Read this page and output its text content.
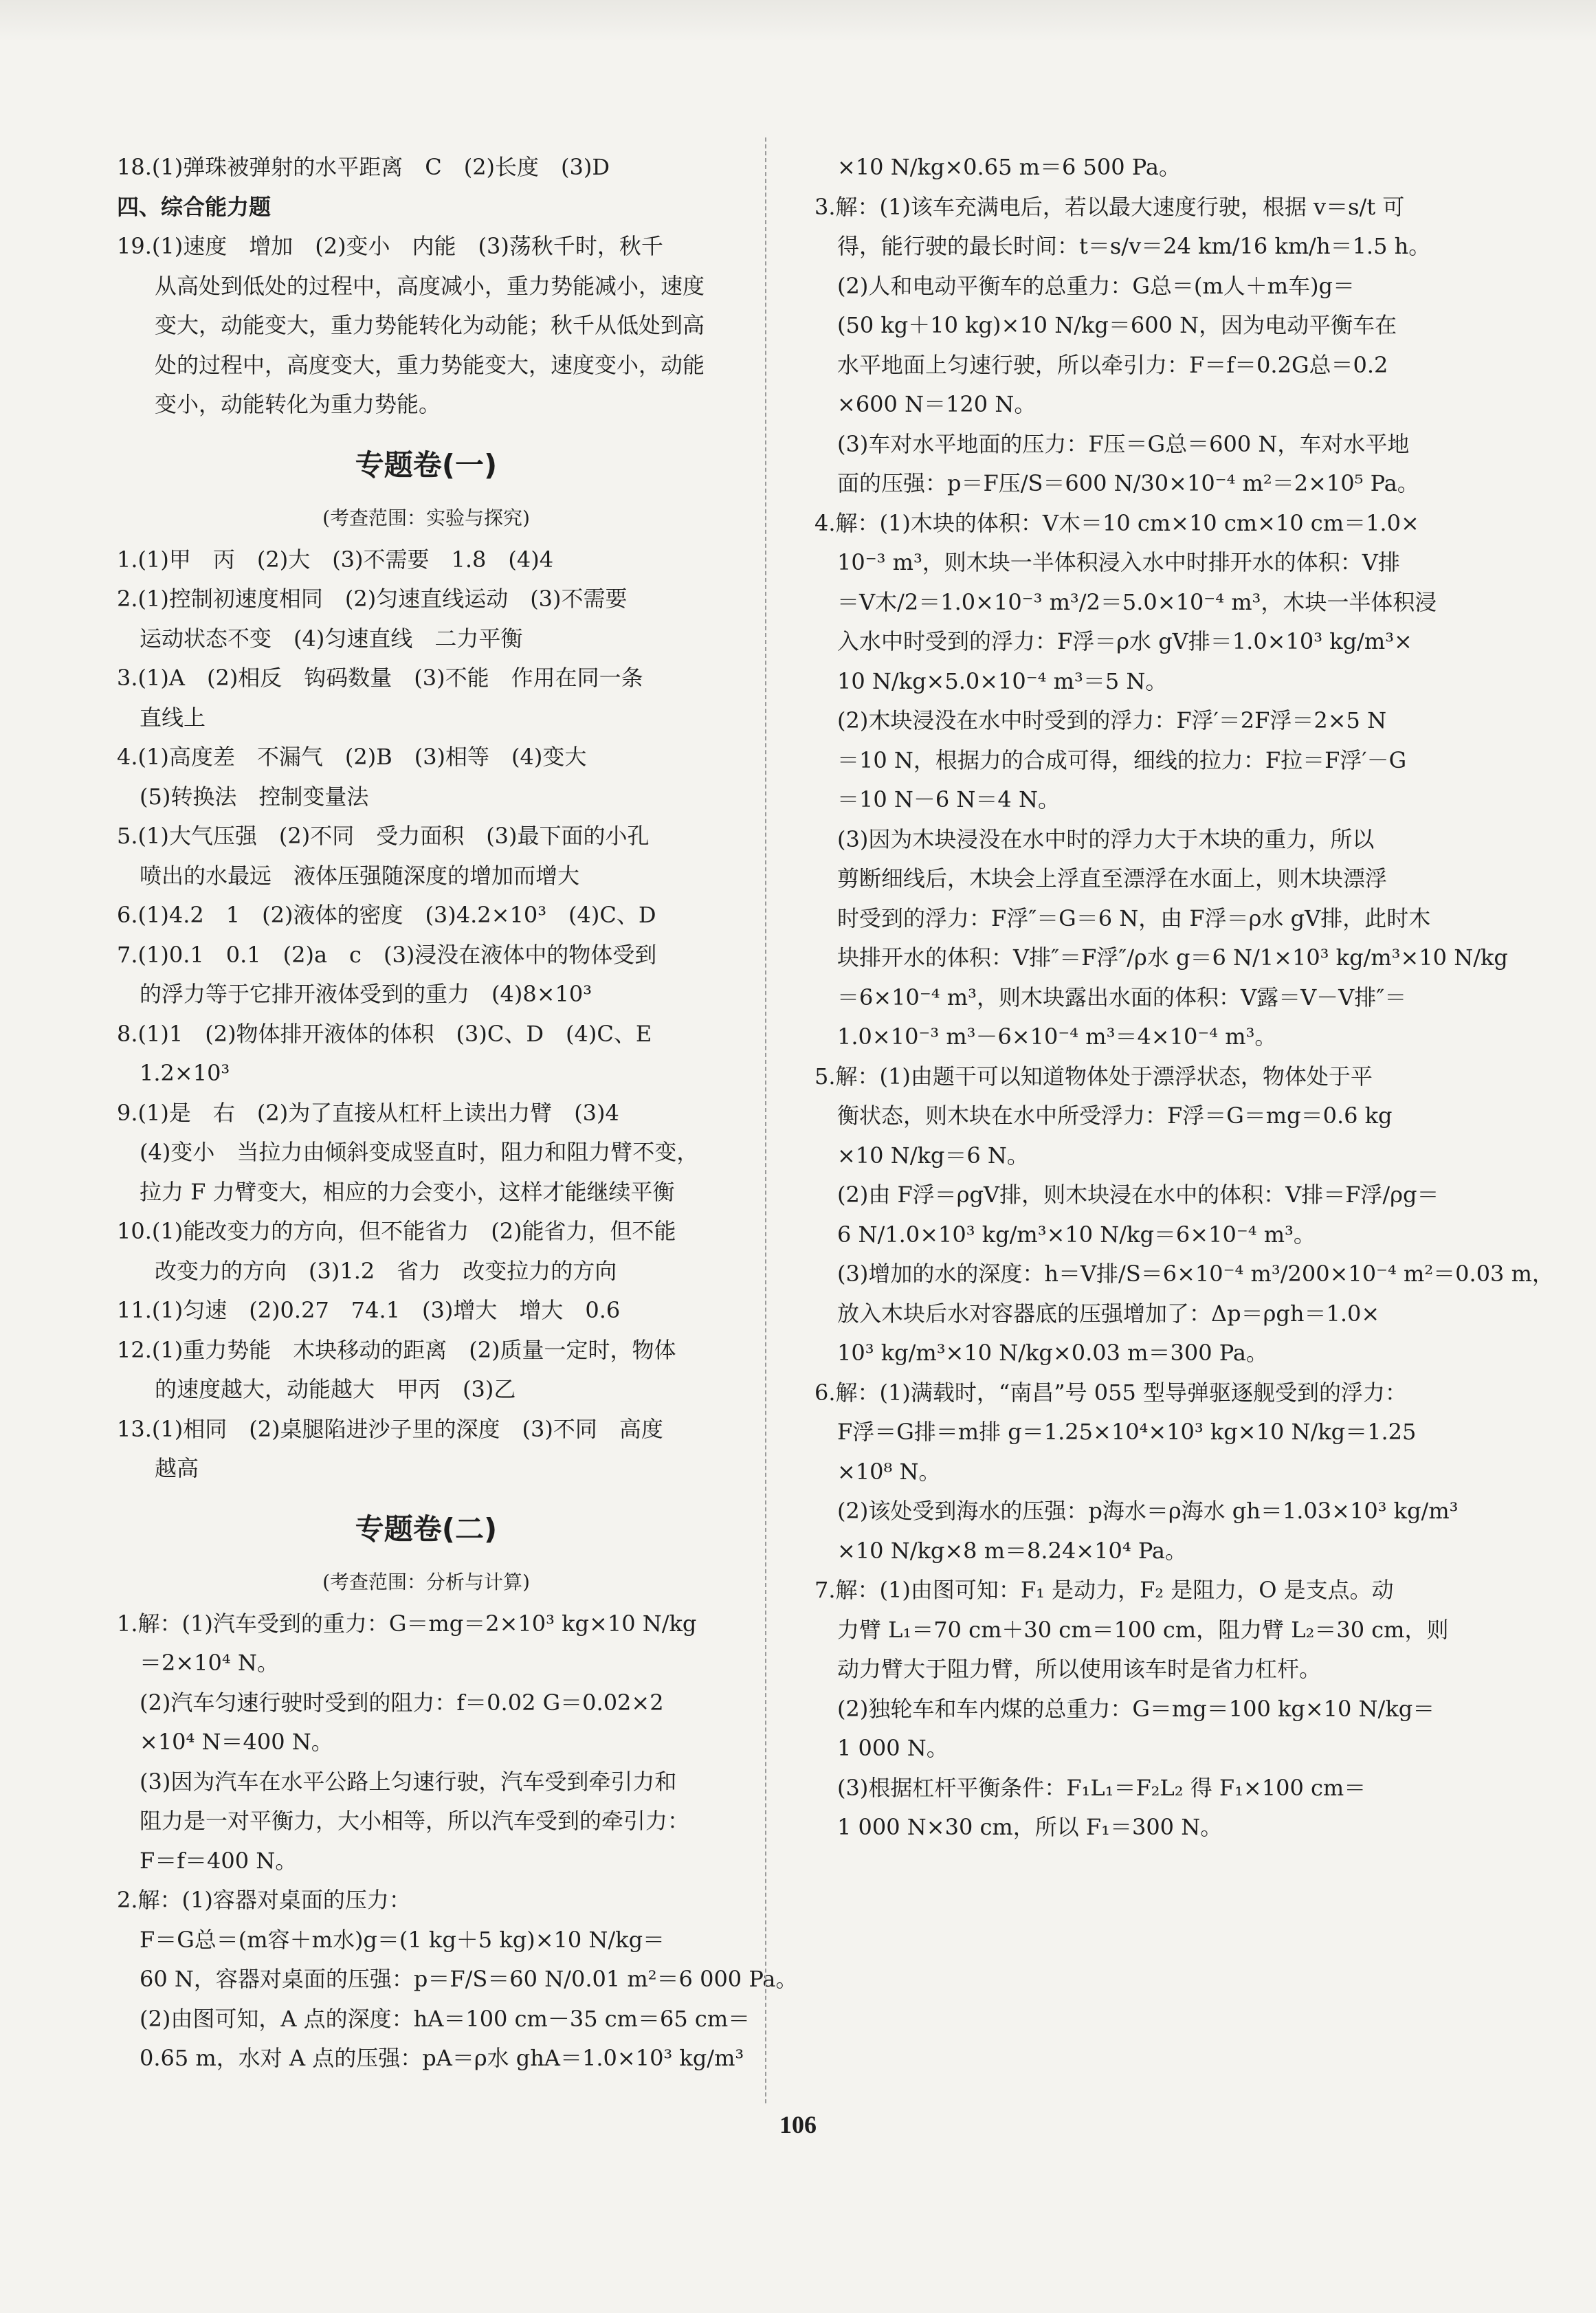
18.(1)弹珠被弹射的水平距离　C　(2)长度　(3)D
四、综合能力题
19.(1)速度　增加　(2)变小　内能　(3)荡秋千时，秋千
从高处到低处的过程中，高度减小，重力势能减小，速度
变大，动能变大，重力势能转化为动能；秋千从低处到高
处的过程中，高度变大，重力势能变大，速度变小，动能
变小，动能转化为重力势能。
专题卷(一)
(考查范围：实验与探究)
1.(1)甲　丙　(2)大　(3)不需要　1.8　(4)4
2.(1)控制初速度相同　(2)匀速直线运动　(3)不需要
运动状态不变　(4)匀速直线　二力平衡
3.(1)A　(2)相反　钩码数量　(3)不能　作用在同一条
直线上
4.(1)高度差　不漏气　(2)B　(3)相等　(4)变大
(5)转换法　控制变量法
5.(1)大气压强　(2)不同　受力面积　(3)最下面的小孔
喷出的水最远　液体压强随深度的增加而增大
6.(1)4.2　1　(2)液体的密度　(3)4.2×10³　(4)C、D
7.(1)0.1　0.1　(2)a　c　(3)浸没在液体中的物体受到
的浮力等于它排开液体受到的重力　(4)8×10³
8.(1)1　(2)物体排开液体的体积　(3)C、D　(4)C、E
1.2×10³
9.(1)是　右　(2)为了直接从杠杆上读出力臂　(3)4
(4)变小　当拉力由倾斜变成竖直时，阻力和阻力臂不变，
拉力 F 力臂变大，相应的力会变小，这样才能继续平衡
10.(1)能改变力的方向，但不能省力　(2)能省力，但不能
改变力的方向　(3)1.2　省力　改变拉力的方向
11.(1)匀速　(2)0.27　74.1　(3)增大　增大　0.6
12.(1)重力势能　木块移动的距离　(2)质量一定时，物体
的速度越大，动能越大　甲丙　(3)乙
13.(1)相同　(2)桌腿陷进沙子里的深度　(3)不同　高度
越高
专题卷(二)
(考查范围：分析与计算)
1.解：(1)汽车受到的重力：G＝mg＝2×10³ kg×10 N/kg
＝2×10⁴ N。
(2)汽车匀速行驶时受到的阻力：f＝0.02 G＝0.02×2
×10⁴ N＝400 N。
(3)因为汽车在水平公路上匀速行驶，汽车受到牵引力和
阻力是一对平衡力，大小相等，所以汽车受到的牵引力：
F＝f＝400 N。
2.解：(1)容器对桌面的压力：
F＝G总＝(m容＋m水)g＝(1 kg＋5 kg)×10 N/kg＝
60 N，容器对桌面的压强：p＝F/S＝60 N/0.01 m²＝6 000 Pa。
(2)由图可知，A 点的深度：hA＝100 cm－35 cm＝65 cm＝
0.65 m，水对 A 点的压强：pA＝ρ水 ghA＝1.0×10³ kg/m³
×10 N/kg×0.65 m＝6 500 Pa。
3.解：(1)该车充满电后，若以最大速度行驶，根据 v＝s/t 可
得，能行驶的最长时间：t＝s/v＝24 km/16 km/h＝1.5 h。
(2)人和电动平衡车的总重力：G总＝(m人＋m车)g＝
(50 kg＋10 kg)×10 N/kg＝600 N，因为电动平衡车在
水平地面上匀速行驶，所以牵引力：F＝f＝0.2G总＝0.2
×600 N＝120 N。
(3)车对水平地面的压力：F压＝G总＝600 N，车对水平地
面的压强：p＝F压/S＝600 N/30×10⁻⁴ m²＝2×10⁵ Pa。
4.解：(1)木块的体积：V木＝10 cm×10 cm×10 cm＝1.0×
10⁻³ m³，则木块一半体积浸入水中时排开水的体积：V排
＝V木/2＝1.0×10⁻³ m³/2＝5.0×10⁻⁴ m³，木块一半体积浸
入水中时受到的浮力：F浮＝ρ水 gV排＝1.0×10³ kg/m³×
10 N/kg×5.0×10⁻⁴ m³＝5 N。
(2)木块浸没在水中时受到的浮力：F浮′＝2F浮＝2×5 N
＝10 N，根据力的合成可得，细线的拉力：F拉＝F浮′－G
＝10 N－6 N＝4 N。
(3)因为木块浸没在水中时的浮力大于木块的重力，所以
剪断细线后，木块会上浮直至漂浮在水面上，则木块漂浮
时受到的浮力：F浮″＝G＝6 N，由 F浮＝ρ水 gV排，此时木
块排开水的体积：V排″＝F浮″/ρ水 g＝6 N/1×10³ kg/m³×10 N/kg
＝6×10⁻⁴ m³，则木块露出水面的体积：V露＝V－V排″＝
1.0×10⁻³ m³－6×10⁻⁴ m³＝4×10⁻⁴ m³。
5.解：(1)由题干可以知道物体处于漂浮状态，物体处于平
衡状态，则木块在水中所受浮力：F浮＝G＝mg＝0.6 kg
×10 N/kg＝6 N。
(2)由 F浮＝ρgV排，则木块浸在水中的体积：V排＝F浮/ρg＝
6 N/1.0×10³ kg/m³×10 N/kg＝6×10⁻⁴ m³。
(3)增加的水的深度：h＝V排/S＝6×10⁻⁴ m³/200×10⁻⁴ m²＝0.03 m，
放入木块后水对容器底的压强增加了：Δp＝ρgh＝1.0×
10³ kg/m³×10 N/kg×0.03 m＝300 Pa。
6.解：(1)满载时，“南昌”号 055 型导弹驱逐舰受到的浮力：
F浮＝G排＝m排 g＝1.25×10⁴×10³ kg×10 N/kg＝1.25
×10⁸ N。
(2)该处受到海水的压强：p海水＝ρ海水 gh＝1.03×10³ kg/m³
×10 N/kg×8 m＝8.24×10⁴ Pa。
7.解：(1)由图可知：F₁ 是动力，F₂ 是阻力，O 是支点。动
力臂 L₁＝70 cm＋30 cm＝100 cm，阻力臂 L₂＝30 cm，则
动力臂大于阻力臂，所以使用该车时是省力杠杆。
(2)独轮车和车内煤的总重力：G＝mg＝100 kg×10 N/kg＝
1 000 N。
(3)根据杠杆平衡条件：F₁L₁＝F₂L₂ 得 F₁×100 cm＝
1 000 N×30 cm，所以 F₁＝300 N。
106
